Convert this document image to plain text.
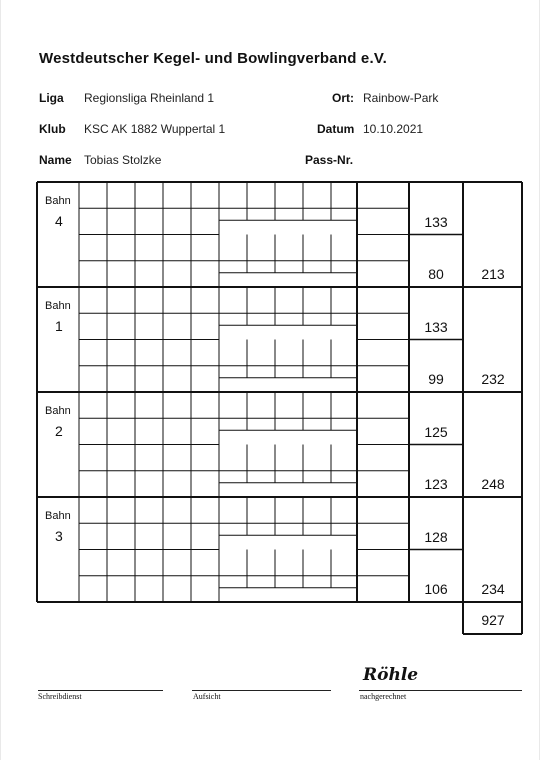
Westdeutscher Kegel- und Bowlingverband e.V.
Liga Regionsliga Rheinland 1	Ort: Rainbow-Park
Klub KSC AK 1882 Wuppertal 1	Datum 10.10.2021
Name Tobias Stolzke	Pass-Nr.
Bahn
4	133
80	213
Bahn
1	133
99	232
Bahn
2	125
123 248
Bahn
3	128
106 234
927
Röhle
Schreibdienst	Aufsicht	nachgerechnet
